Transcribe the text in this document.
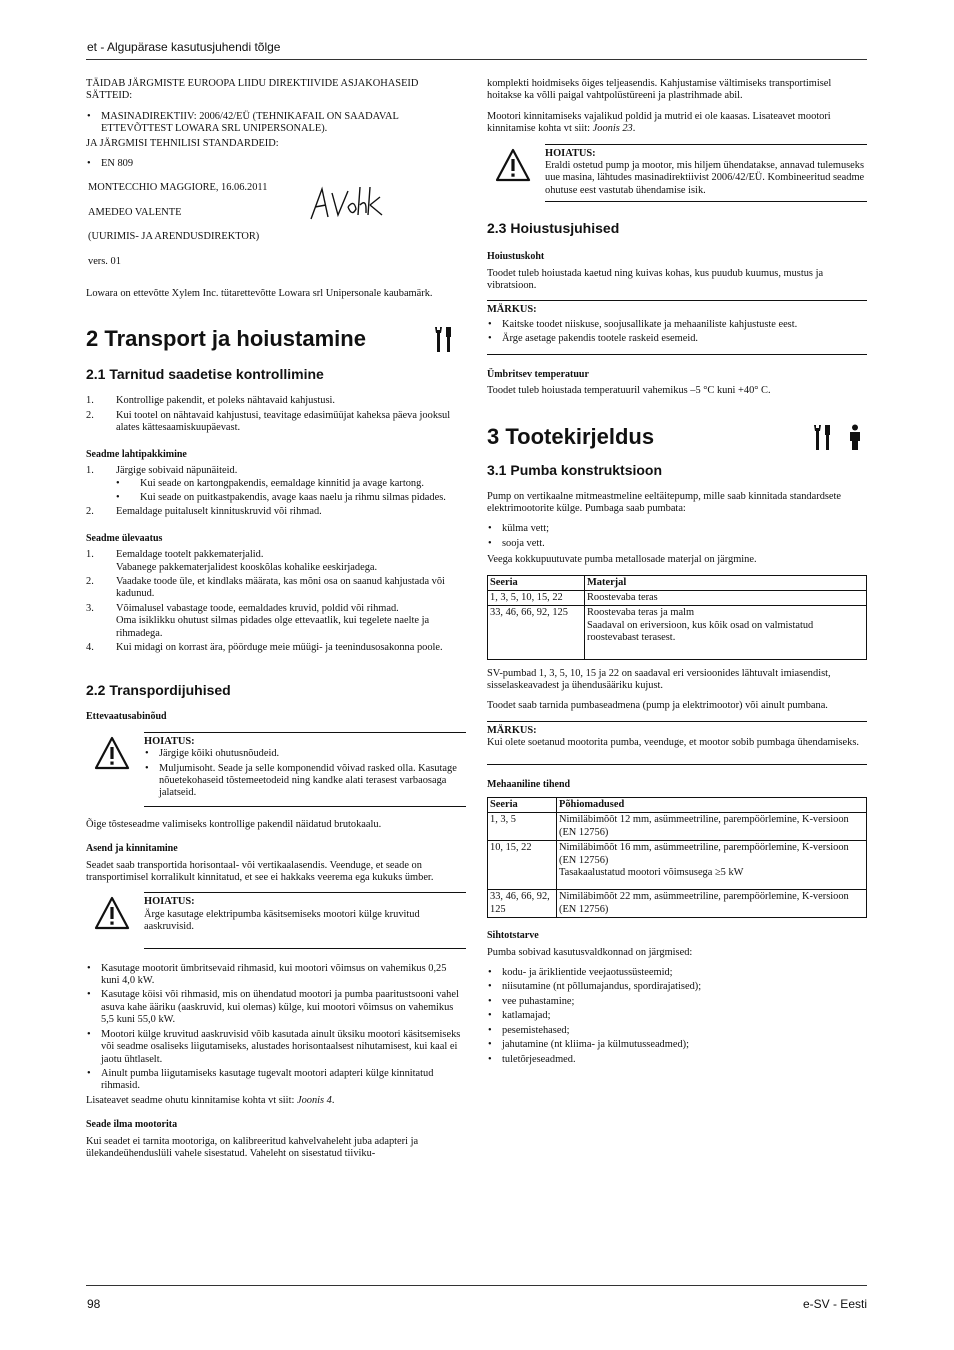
et - Algupärase kasutusjuhendi tõlge

TÄIDAB JÄRGMISTE EUROOPA LIIDU DIREKTIIVIDE ASJAKOHASEID SÄTTEID:

• MASINADIREKTIIV: 2006/42/EÜ (TEHNIKAFAIL ON SAADAVAL ETTEVÕTTEST LOWARA SRL UNIPERSONALE).

JA JÄRGMISI TEHNILISI STANDARDEID:

• EN 809
MONTECCHIO MAGGIORE, 16.06.2011
AMEDEO VALENTE

(UURIMIS- JA ARENDUSDIREKTOR)

vers. 01

Lowara on ettevõtte Xylem Inc. tütarettevõtte Lowara srl Unipersonale kaubamärk.

2 Transport ja hoiustamine
2.1 Tarnitud saadetise kontrollimine
1. Kontrollige pakendit, et poleks nähtavaid kahjustusi.
2. Kui tootel on nähtavaid kahjustusi, teavitage edasimüüjat kaheksa päeva jooksul alates kättesaamiskuupäevast.
Seadme lahtipakkimine
1. Järgige sobivaid näpunäiteid.
• Kui seade on kartongpakendis, eemaldage kinnitid ja avage kartong.
• Kui seade on puitkastpakendis, avage kaas naelu ja rihmu silmas pidades.
2. Eemaldage puitaluselt kinnituskruvid või rihmad.
Seadme ülevaatus
1. Eemaldage tootelt pakkematerjalid.
Vabanege pakkematerjalidest kooskõlas kohalike eeskirjadega.
2. Vaadake toode üle, et kindlaks määrata, kas mõni osa on saanud kahjustada või kadunud.
3. Võimalusel vabastage toode, eemaldades kruvid, poldid või rihmad.
Oma isiklikku ohutust silmas pidades olge ettevaatlik, kui tegelete naelte ja rihmadega.
4. Kui midagi on korrast ära, pöörduge meie müügi- ja teenindusosakonna poole.
2.2 Transpordijuhised
Ettevaatusabinõud
HOIATUS:
• Järgige kõiki ohutusnõudeid.
• Muljumisoht. Seade ja selle komponendid võivad rasked olla. Kasutage nõuetekohaseid tõstemeetodeid ning kandke alati terasest varbaosaga jalatseid.

Õige tõsteseadme valimiseks kontrollige pakendil näidatud brutokaalu.

Asend ja kinnitamine

Seadet saab transportida horisontaal- või vertikaalasendis. Veenduge, et seade on transportimisel korralikult kinnitatud, et see ei hakkaks veerema ega kukuks ümber.

HOIATUS:
Ärge kasutage elektripumba käsitsemiseks mootori külge kruvitud aaskruvisid.
• Kasutage mootorit ümbritsevaid rihmasid, kui mootori võimsus on vahemikus 0,25 kuni 4,0 kW.
• Kasutage köisi või rihmasid, mis on ühendatud mootori ja pumba paaritustsooni vahel asuva kahe ääriku (aaskruvid, kui olemas) külge, kui mootori võimsus on vahemikus 5,5 kuni 55,0 kW.
• Mootori külge kruvitud aaskruvisid võib kasutada ainult üksiku mootori käsitsemiseks või seadme osaliseks liigutamiseks, alustades horisontaalsest nihutamisest, kui kaal ei jaotu ühtlaselt.
• Ainult pumba liigutamiseks kasutage tugevalt mootori adapteri külge kinnitatud rihmasid.

Lisateavet seadme ohutu kinnitamise kohta vt siit: Joonis 4.

Seade ilma mootorita

Kui seadet ei tarnita mootoriga, on kalibreeritud kahvelvaheleht juba adapteri ja ülekandeühenduslüli vahele sisestatud. Vaheleht on sisestatud tiiviku-

komplekti hoidmiseks õiges teljeasendis. Kahjustamise vältimiseks transportimisel hoitakse ka võlli paigal vahtpolüstüreeni ja plastrihmade abil.

Mootori kinnitamiseks vajalikud poldid ja mutrid ei ole kaasas. Lisateavet mootori kinnitamise kohta vt siit: Joonis 23.

HOIATUS:
Eraldi ostetud pump ja mootor, mis hiljem ühendatakse, annavad tulemuseks uue masina, lähtudes masinadirektiivist 2006/42/EÜ. Kombineeritud seadme ohutuse eest vastutab ühendamise isik.
2.3 Hoiustusjuhised
Hoiustuskoht

Toodet tuleb hoiustada kaetud ning kuivas kohas, kus puudub kuumus, mustus ja vibratsioon.

MÄRKUS:
• Kaitske toodet niiskuse, soojusallikate ja mehaaniliste kahjustuste eest.
• Ärge asetage pakendis tootele raskeid esemeid.
Ümbritsev temperatuur

Toodet tuleb hoiustada temperatuuril vahemikus –5 °C kuni +40° C.

3 Tootekirjeldus
3.1 Pumba konstruktsioon

Pump on vertikaalne mitmeastmeline eeltäitepump, mille saab kinnitada standardsete elektrimootorite külge. Pumbaga saab pumbata:

• külma vett;
• sooja vett.

Veega kokkupuutuvate pumba metallosade materjal on järgmine.

Seeria	Materjal
1, 3, 5, 10, 15, 22	Roostevaba teras
33, 46, 66, 92, 125	Roostevaba teras ja malm
Saadaval on eriversioon, kus kõik osad on valmistatud roostevabast terasest.

SV-pumbad 1, 3, 5, 10, 15 ja 22 on saadaval eri versioonides lähtuvalt imiasendist, sisselaskeavadest ja ühendusääriku kujust.

Toodet saab tarnida pumbaseadmena (pump ja elektrimootor) või ainult pumbana.

MÄRKUS:
Kui olete soetanud mootorita pumba, veenduge, et mootor sobib pumbaga ühendamiseks.
Mehaaniline tihend
Seeria	Põhiomadused
1, 3, 5	Nimiläbimõõt 12 mm, asümmeetriline, parempöörlemine, K-versioon (EN 12756)
10, 15, 22	Nimiläbimõõt 16 mm, asümmeetriline, parempöörlemine, K-versioon (EN 12756)
Tasakaalustatud mootori võimsusega ≥5 kW
33, 46, 66, 92, 125	Nimiläbimõõt 22 mm, asümmeetriline, parempöörlemine, K-versioon (EN 12756)
Sihtotstarve

Pumba sobivad kasutusvaldkonnad on järgmised:

• kodu- ja äriklientide veejaotussüsteemid;
• niisutamine (nt põllumajandus, spordirajatised);
• vee puhastamine;
• katlamajad;
• pesemistehased;
• jahutamine (nt kliima- ja külmutusseadmed);
• tuletõrjeseadmed.
98	e-SV - Eesti
